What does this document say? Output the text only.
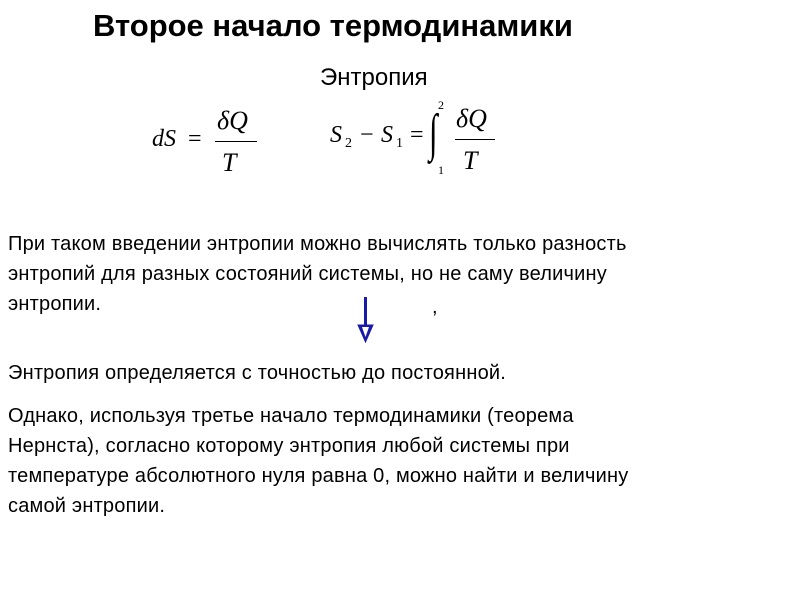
Второе начало термодинамики
Энтропия
dS =
δQ
T
S 2 − S 1 = ∫ 2
1
δQ
T
При таком введении энтропии можно вычислять только разность
энтропий для разных состояний системы, но не саму величину
энтропии.	,
Энтропия определяется с точностью до постоянной.
Однако, используя третье начало термодинамики (теорема
Нернста), согласно которому энтропия любой системы при
температуре абсолютного нуля равна 0, можно найти и величину
самой энтропии.
